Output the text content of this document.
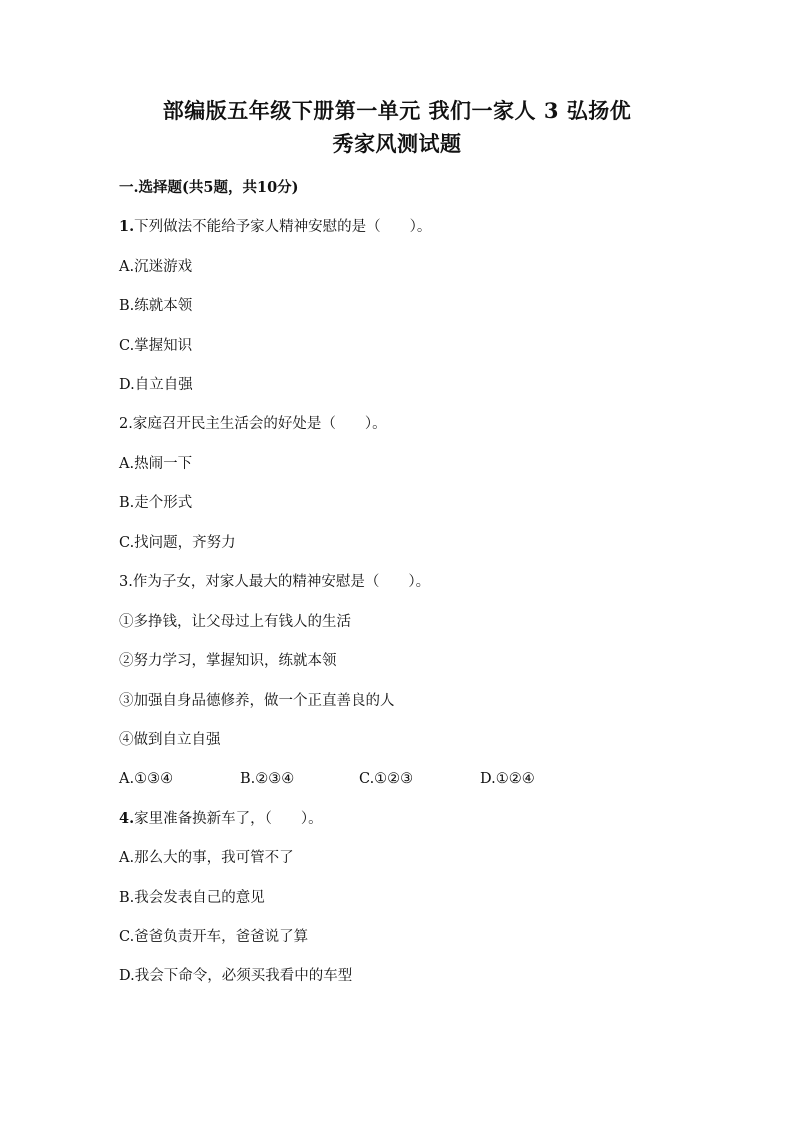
部编版五年级下册第一单元 我们一家人 3 弘扬优
秀家风测试题
一.选择题(共5题，共10分)
1.下列做法不能给予家人精神安慰的是（　　）。
A.沉迷游戏
B.练就本领
C.掌握知识
D.自立自强
2.家庭召开民主生活会的好处是（　　）。
A.热闹一下
B.走个形式
C.找问题，齐努力
3.作为子女，对家人最大的精神安慰是（　　）。
①多挣钱，让父母过上有钱人的生活
②努力学习，掌握知识，练就本领
③加强自身品德修养，做一个正直善良的人
④做到自立自强
A.①③④	B.②③④	C.①②③	D.①②④
4.家里准备换新车了，（　　）。
A.那么大的事，我可管不了
B.我会发表自己的意见
C.爸爸负责开车，爸爸说了算
D.我会下命令，必须买我看中的车型
